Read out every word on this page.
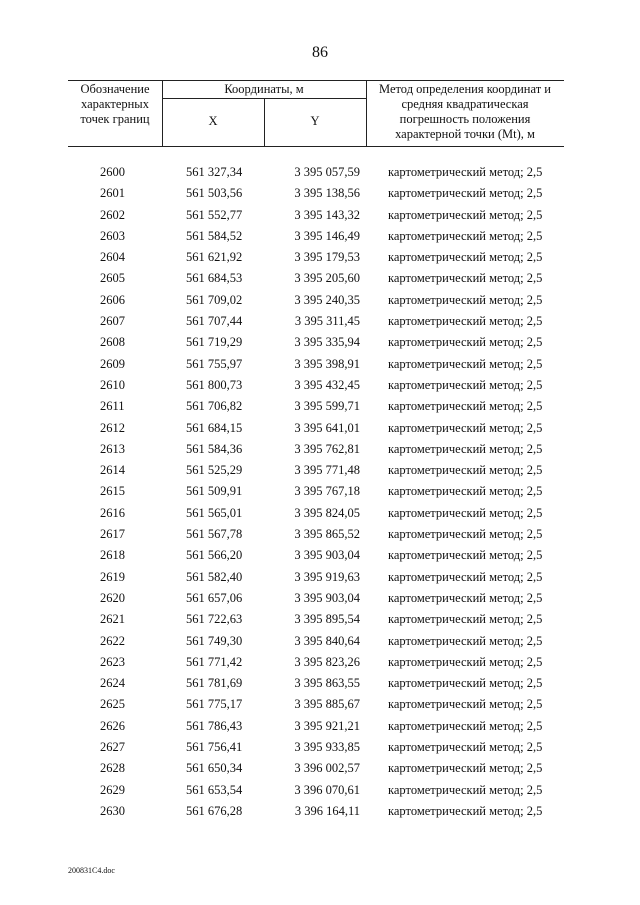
86
Обозначение характерных точек границ
Координаты, м
X	Y
Метод определения координат и средняя квадратическая погрешность положения характерной точки (Mt), м
2600	561 327,34	3 395 057,59 картометрический метод; 2,5
2601	561 503,56	3 395 138,56 картометрический метод; 2,5
2602	561 552,77	3 395 143,32 картометрический метод; 2,5
2603	561 584,52	3 395 146,49 картометрический метод; 2,5
2604	561 621,92	3 395 179,53 картометрический метод; 2,5
2605	561 684,53	3 395 205,60 картометрический метод; 2,5
2606	561 709,02	3 395 240,35 картометрический метод; 2,5
2607	561 707,44	3 395 311,45 картометрический метод; 2,5
2608	561 719,29	3 395 335,94 картометрический метод; 2,5
2609	561 755,97	3 395 398,91 картометрический метод; 2,5
2610	561 800,73	3 395 432,45 картометрический метод; 2,5
2611	561 706,82	3 395 599,71 картометрический метод; 2,5
2612	561 684,15	3 395 641,01 картометрический метод; 2,5
2613	561 584,36	3 395 762,81 картометрический метод; 2,5
2614	561 525,29	3 395 771,48 картометрический метод; 2,5
2615	561 509,91	3 395 767,18 картометрический метод; 2,5
2616	561 565,01	3 395 824,05 картометрический метод; 2,5
2617	561 567,78	3 395 865,52 картометрический метод; 2,5
2618	561 566,20	3 395 903,04 картометрический метод; 2,5
2619	561 582,40	3 395 919,63 картометрический метод; 2,5
2620	561 657,06	3 395 903,04 картометрический метод; 2,5
2621	561 722,63	3 395 895,54 картометрический метод; 2,5
2622	561 749,30	3 395 840,64 картометрический метод; 2,5
2623	561 771,42	3 395 823,26 картометрический метод; 2,5
2624	561 781,69	3 395 863,55 картометрический метод; 2,5
2625	561 775,17	3 395 885,67 картометрический метод; 2,5
2626	561 786,43	3 395 921,21 картометрический метод; 2,5
2627	561 756,41	3 395 933,85 картометрический метод; 2,5
2628	561 650,34	3 396 002,57 картометрический метод; 2,5
2629	561 653,54	3 396 070,61 картометрический метод; 2,5
2630	561 676,28	3 396 164,11 картометрический метод; 2,5
200831C4.doc
